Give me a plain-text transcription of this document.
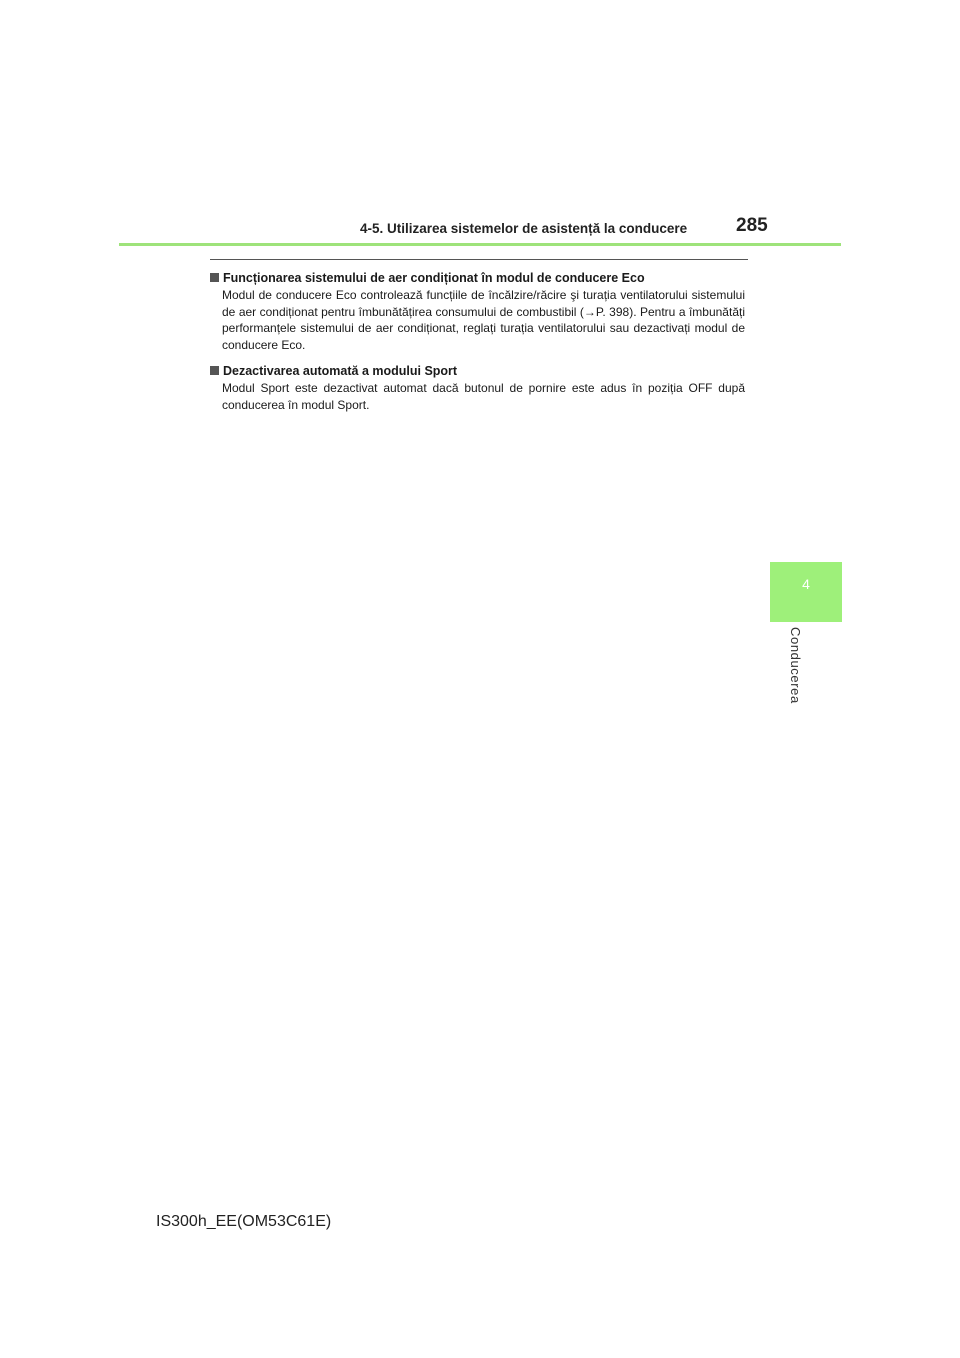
4-5. Utilizarea sistemelor de asistență la conducere	285
Funcționarea sistemului de aer condiționat în modul de conducere Eco
Modul de conducere Eco controlează funcțiile de încălzire/răcire şi turația ventilatorului sistemului de aer condiționat pentru îmbunătățirea consumului de combustibil (→P. 398). Pentru a îmbunătăți performanțele sistemului de aer condiționat, reglați turația ventilatorului sau dezactivați modul de conducere Eco.
Dezactivarea automată a modului Sport
Modul Sport este dezactivat automat dacă butonul de pornire este adus în poziția OFF după conducerea în modul Sport.
4
Conducerea
IS300h_EE(OM53C61E)
